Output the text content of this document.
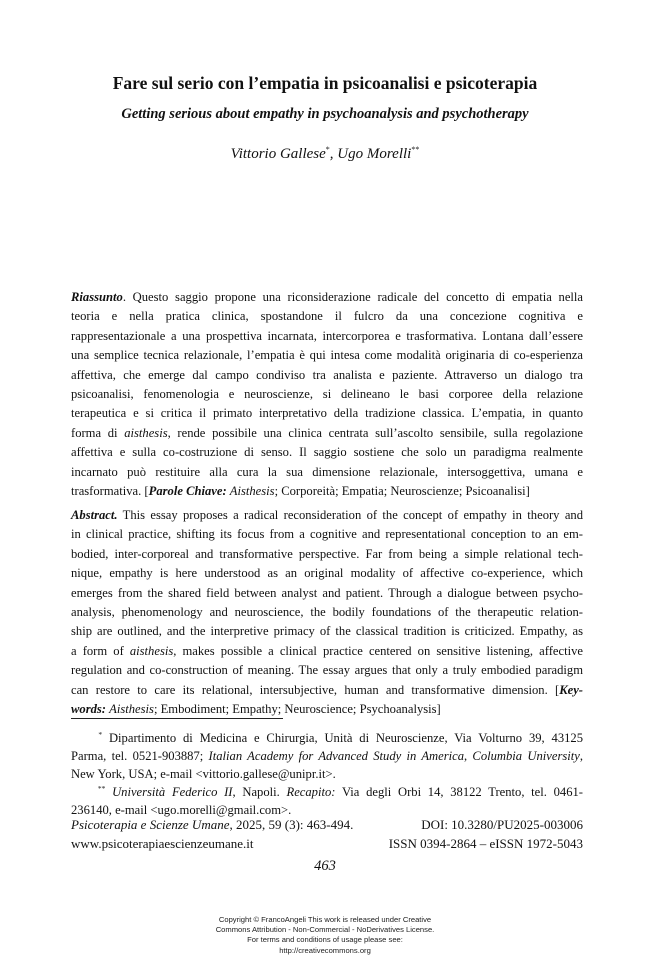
Fare sul serio con l’empatia in psicoanalisi e psicoterapia
Getting serious about empathy in psychoanalysis and psychotherapy

Vittorio Gallese*, Ugo Morelli**

Riassunto. Questo saggio propone una riconsiderazione radicale del concetto di empatia nella
teoria e nella pratica clinica, spostandone il fulcro da una concezione cognitiva e
rappresentazionale a una prospettiva incarnata, intercorporea e trasformativa. Lontana dall’essere
una semplice tecnica relazionale, l’empatia è qui intesa come modalità originaria di co-esperienza
affettiva, che emerge dal campo condiviso tra analista e paziente. Attraverso un dialogo tra
psicoanalisi, fenomenologia e neuroscienze, si delineano le basi corporee della relazione
terapeutica e si critica il primato interpretativo della tradizione classica. L’empatia, in quanto
forma di aisthesis, rende possibile una clinica centrata sull’ascolto sensibile, sulla regolazione
affettiva e sulla co-costruzione di senso. Il saggio sostiene che solo un paradigma realmente
incarnato può restituire alla cura la sua dimensione relazionale, intersoggettiva, umana e
trasformativa. [Parole Chiave: Aisthesis; Corporeità; Empatia; Neuroscienze; Psicoanalisi]
Abstract. This essay proposes a radical reconsideration of the concept of empathy in theory and
in clinical practice, shifting its focus from a cognitive and representational conception to an em-
bodied, inter-corporeal and transformative perspective. Far from being a simple relational tech-
nique, empathy is here understood as an original modality of affective co-experience, which
emerges from the shared field between analyst and patient. Through a dialogue between psycho-
analysis, phenomenology and neuroscience, the bodily foundations of the therapeutic relation-
ship are outlined, and the interpretive primacy of the classical tradition is criticized. Empathy, as
a form of aisthesis, makes possible a clinical practice centered on sensitive listening, affective
regulation and co-construction of meaning. The essay argues that only a truly embodied paradigm
can restore to care its relational, intersubjective, human and transformative dimension. [Key-
words: Aisthesis; Embodiment; Empathy; Neuroscience; Psychoanalysis]
* Dipartimento di Medicina e Chirurgia, Unità di Neuroscienze, Via Volturno 39, 43125
Parma, tel. 0521-903887; Italian Academy for Advanced Study in America, Columbia University,
New York, USA; e-mail <vittorio.gallese@unipr.it>.
** Università Federico II, Napoli. Recapito: Via degli Orbi 14, 38122 Trento, tel. 0461-
236140, e-mail <ugo.morelli@gmail.com>.
Psicoterapia e Scienze Umane, 2025, 59 (3): 463-494.	DOI: 10.3280/PU2025-003006
www.psicoterapiaescienzeumane.it	ISSN 0394-2864 – eISSN 1972-5043

463

Copyright © FrancoAngeli This work is released under Creative
Commons Attribution - Non-Commercial - NoDerivatives License.
For terms and conditions of usage please see:
http://creativecommons.org
